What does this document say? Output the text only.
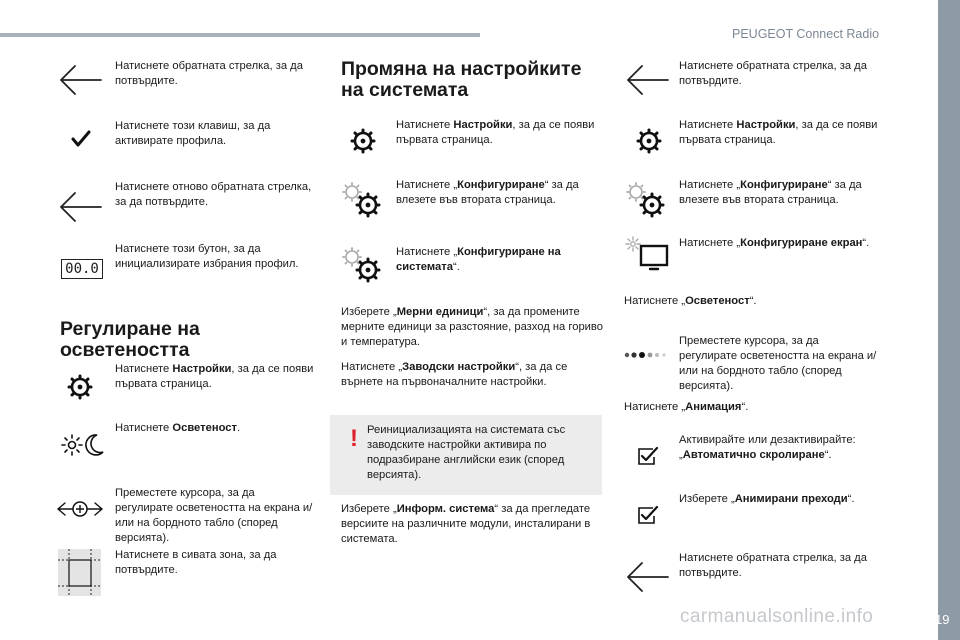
PEUGEOT Connect Radio
19
Натиснете обратната стрелка, за да потвърдите.
Натиснете този клавиш, за да активирате профила.
Натиснете отново обратната стрелка, за да потвърдите.
00.0
Натиснете този бутон, за да инициализирате избрания профил.
Регулиране на осветеността
Натиснете Настройки, за да се появи първата страница.
Натиснете Осветеност.
Преместете курсора, за да регулирате осветеността на екрана и/или на бордното табло (според версията).
Натиснете в сивата зона, за да потвърдите.
Промяна на настройките на системата
Натиснете Настройки, за да се появи първата страница.
Натиснете „Конфигуриране“ за да влезете във втората страница.
Натиснете „Конфигуриране на системата“.
Изберете „Мерни единици“, за да промените мерните единици за разстояние, разход на гориво и температура.
Натиснете „Заводски настройки“, за да се върнете на първоначалните настройки.
! Реинициализацията на системата със заводските настройки активира по подразбиране английски език (според версията).
Изберете „Информ. система“ за да прегледате версиите на различните модули, инсталирани в системата.
Натиснете обратната стрелка, за да потвърдите.
Натиснете Настройки, за да се появи първата страница.
Натиснете „Конфигуриране“ за да влезете във втората страница.
Натиснете „Конфигуриране екран“.
Натиснете „Осветеност“.
Преместете курсора, за да регулирате осветеността на екрана и/или на бордното табло (според версията).
Натиснете „Анимация“.
Активирайте или дезактивирайте: „Автоматично скролиране“.
Изберете „Анимирани преходи“.
Натиснете обратната стрелка, за да потвърдите.
carmanualsonline.info
